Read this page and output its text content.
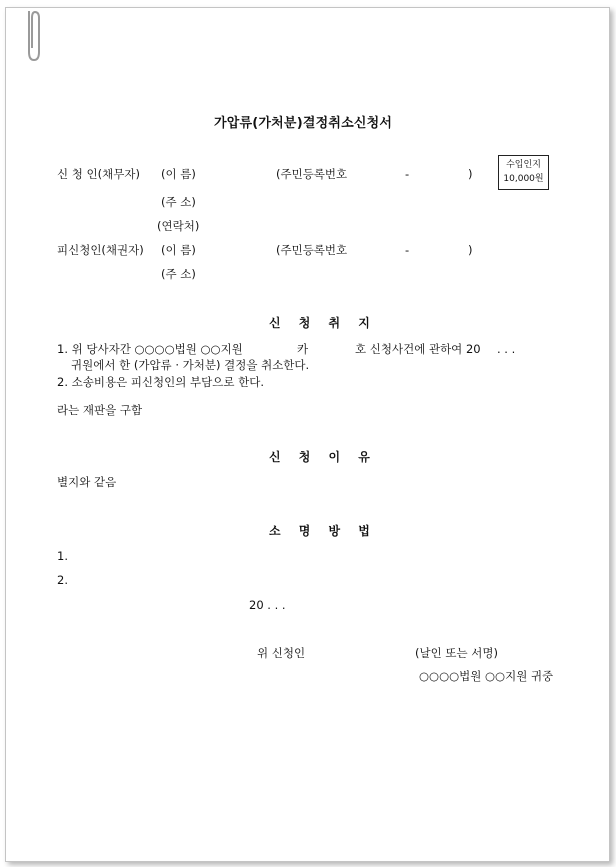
가압류(가처분)결정취소신청서
수입인지
10,000원
신 청 인(채무자) (이 름)	(주민등록번호	-	)
(주 소)
(연락처)
피신청인(채권자) (이 름)	(주민등록번호	-	)
(주 소)
신 청 취 지
1. 위 당사자간 ○○○○법원 ○○지원	카	호 신청사건에 관하여 20 . . .
귀원에서 한 (가압류 · 가처분) 결정을 취소한다.
2. 소송비용은 피신청인의 부담으로 한다.
라는 재판을 구함
신 청 이 유
별지와 같음
소 명 방 법
1.
2.
20 . . .
위 신청인	(날인 또는 서명)
○○○○법원 ○○지원 귀중
